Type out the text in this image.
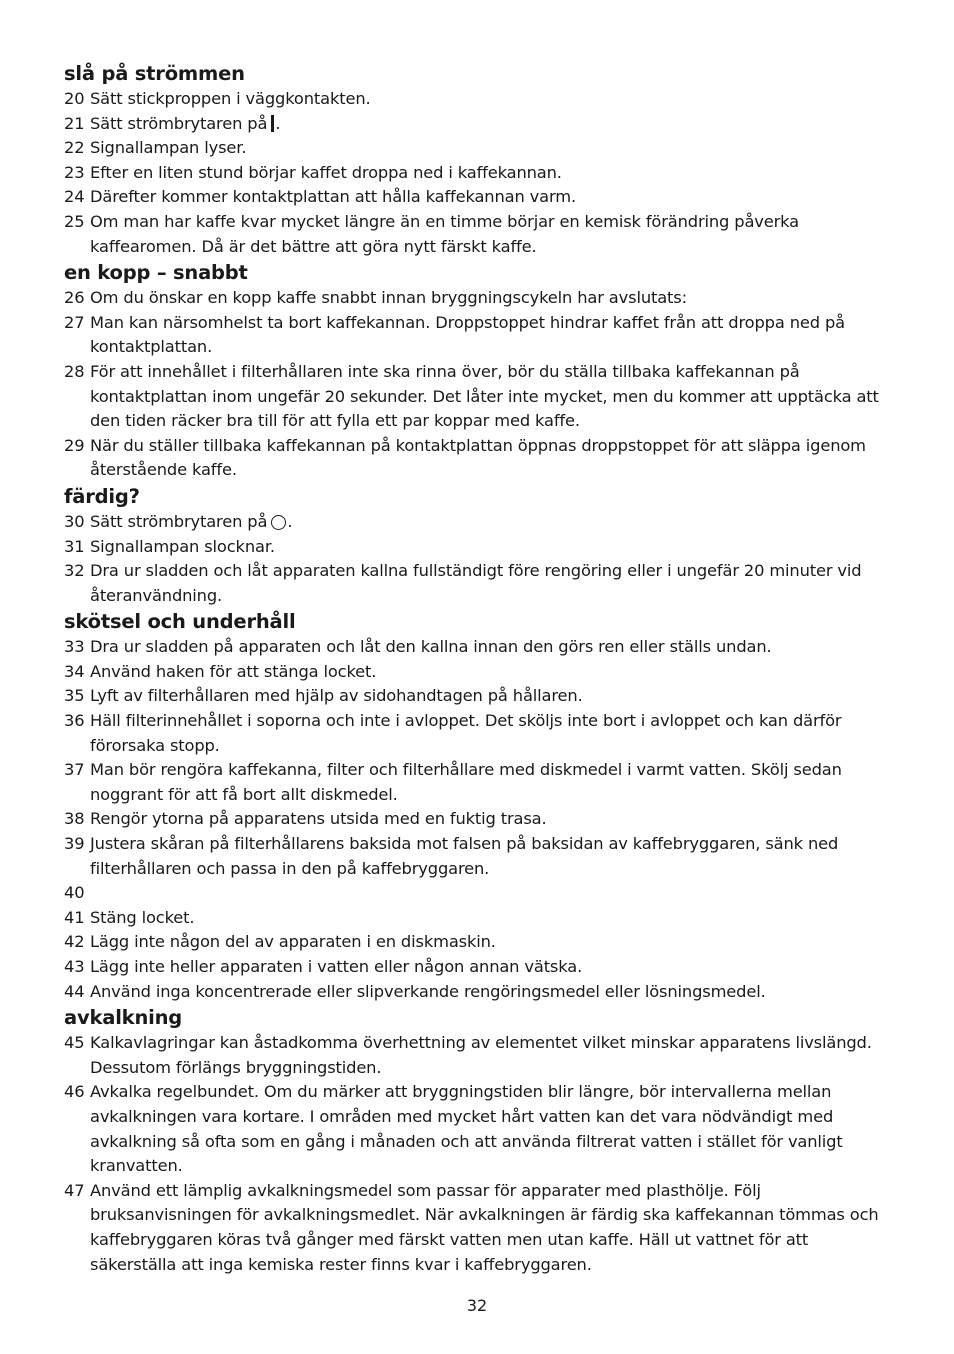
slå på strömmen
20 Sätt stickproppen i väggkontakten.
21 Sätt strömbrytaren på .
22 Signallampan lyser.
23 Efter en liten stund börjar kaffet droppa ned i kaffekannan.
24 Därefter kommer kontaktplattan att hålla kaffekannan varm.
25 Om man har kaffe kvar mycket längre än en timme börjar en kemisk förändring påverka kaffearomen. Då är det bättre att göra nytt färskt kaffe.
en kopp – snabbt
26 Om du önskar en kopp kaffe snabbt innan bryggningscykeln har avslutats:
27 Man kan närsomhelst ta bort kaffekannan. Droppstoppet hindrar kaffet från att droppa ned på kontaktplattan.
28 För att innehållet i filterhållaren inte ska rinna över, bör du ställa tillbaka kaffekannan på kontaktplattan inom ungefär 20 sekunder. Det låter inte mycket, men du kommer att upptäcka att den tiden räcker bra till för att fylla ett par koppar med kaffe.
29 När du ställer tillbaka kaffekannan på kontaktplattan öppnas droppstoppet för att släppa igenom återstående kaffe.
färdig?
30 Sätt strömbrytaren på .
31 Signallampan slocknar.
32 Dra ur sladden och låt apparaten kallna fullständigt före rengöring eller i ungefär 20 minuter vid återanvändning.
skötsel och underhåll
33 Dra ur sladden på apparaten och låt den kallna innan den görs ren eller ställs undan.
34 Använd haken för att stänga locket.
35 Lyft av filterhållaren med hjälp av sidohandtagen på hållaren.
36 Häll filterinnehållet i soporna och inte i avloppet. Det sköljs inte bort i avloppet och kan därför förorsaka stopp.
37 Man bör rengöra kaffekanna, filter och filterhållare med diskmedel i varmt vatten. Skölj sedan noggrant för att få bort allt diskmedel.
38 Rengör ytorna på apparatens utsida med en fuktig trasa.
39 Justera skåran på filterhållarens baksida mot falsen på baksidan av kaffebryggaren, sänk ned filterhållaren och passa in den på kaffebryggaren.
40
41 Stäng locket.
42 Lägg inte någon del av apparaten i en diskmaskin.
43 Lägg inte heller apparaten i vatten eller någon annan vätska.
44 Använd inga koncentrerade eller slipverkande rengöringsmedel eller lösningsmedel.
avkalkning
45 Kalkavlagringar kan åstadkomma överhettning av elementet vilket minskar apparatens livslängd. Dessutom förlängs bryggningstiden.
46 Avkalka regelbundet. Om du märker att bryggningstiden blir längre, bör intervallerna mellan avkalkningen vara kortare. I områden med mycket hårt vatten kan det vara nödvändigt med avkalkning så ofta som en gång i månaden och att använda filtrerat vatten i stället för vanligt kranvatten.
47 Använd ett lämplig avkalkningsmedel som passar för apparater med plasthölje. Följ bruksanvisningen för avkalkningsmedlet. När avkalkningen är färdig ska kaffekannan tömmas och kaffebryggaren köras två gånger med färskt vatten men utan kaffe. Häll ut vattnet för att säkerställa att inga kemiska rester finns kvar i kaffebryggaren.
32
